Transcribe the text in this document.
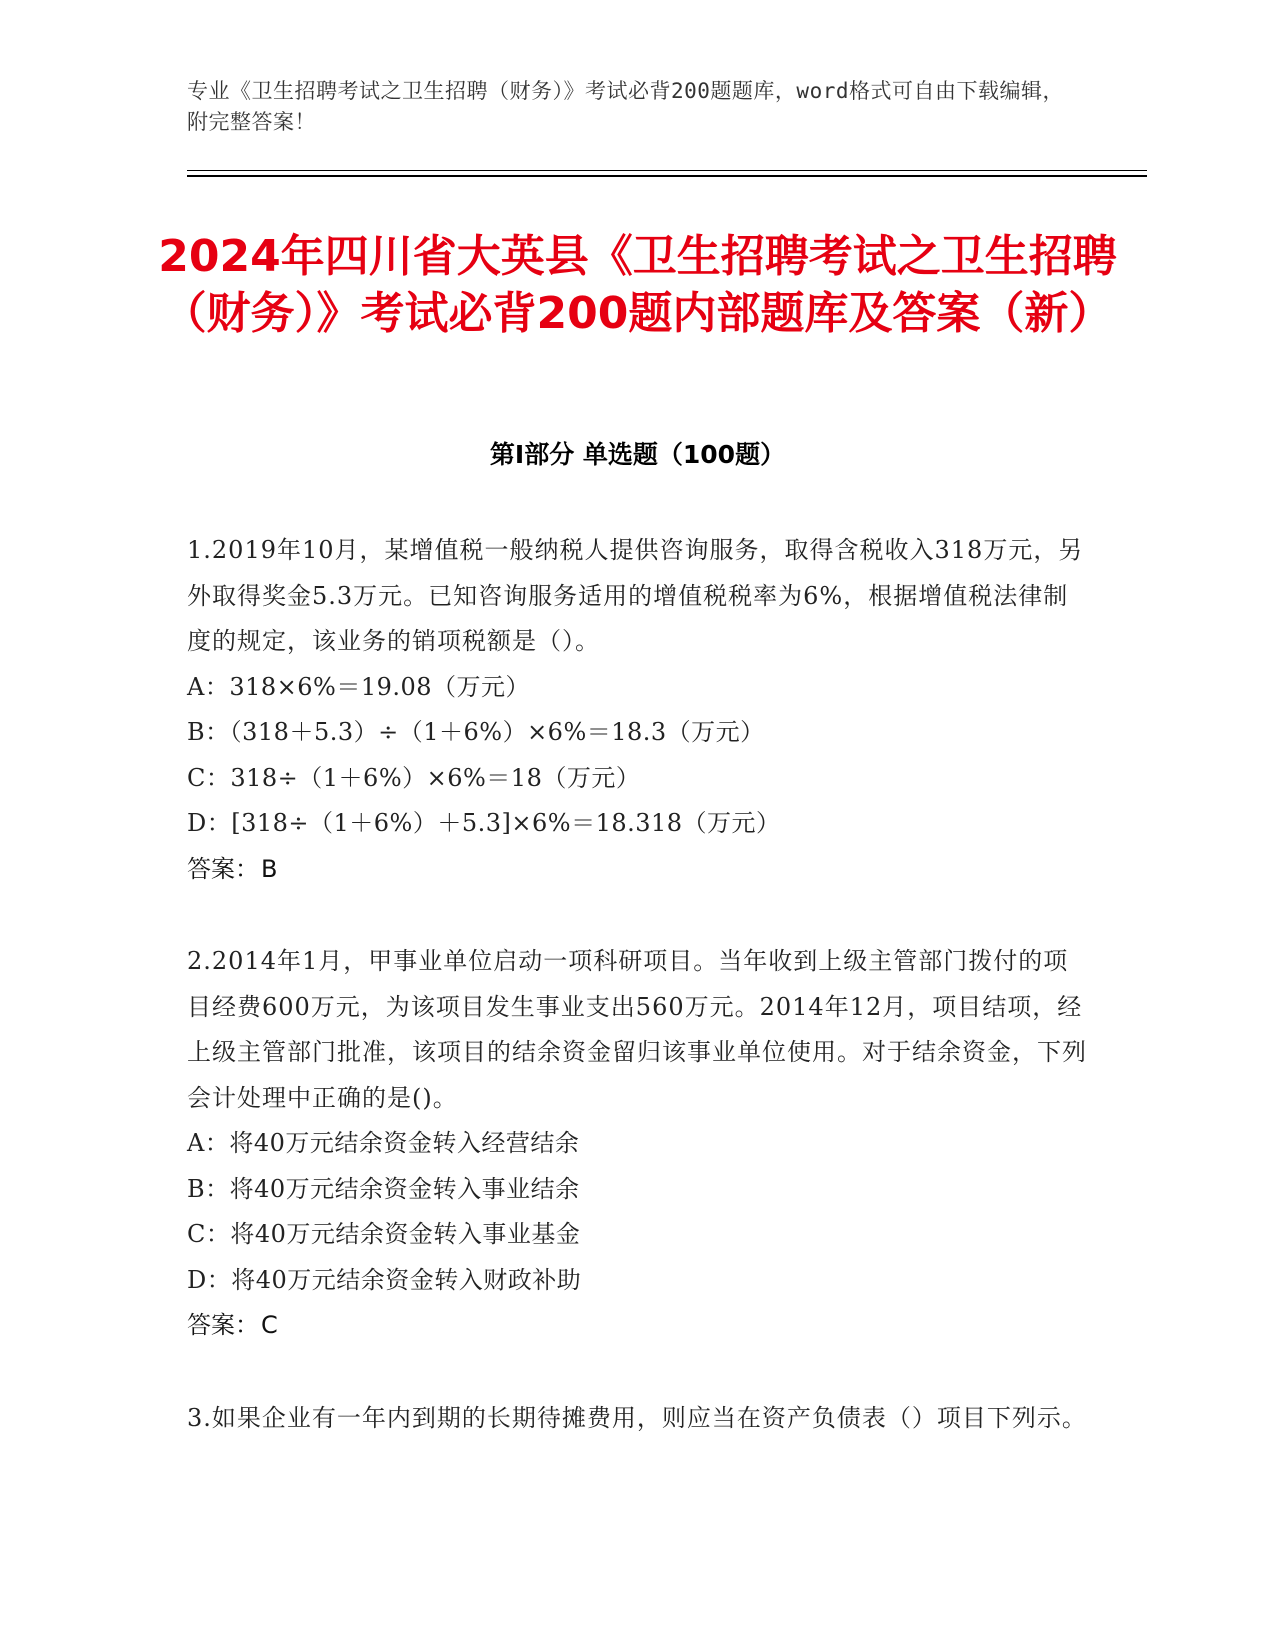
专业《卫生招聘考试之卫生招聘（财务）》考试必背200题题库，word格式可自由下载编辑，附完整答案！
2024年四川省大英县《卫生招聘考试之卫生招聘（财务）》考试必背200题内部题库及答案（新）
第I部分 单选题（100题）
1.2019年10月，某增值税一般纳税人提供咨询服务，取得含税收入318万元，另外取得奖金5.3万元。已知咨询服务适用的增值税税率为6%，根据增值税法律制度的规定，该业务的销项税额是（）。
A：318×6%＝19.08（万元）
B：（318＋5.3）÷（1＋6%）×6%＝18.3（万元）
C：318÷（1＋6%）×6%＝18（万元）
D：[318÷（1＋6%）＋5.3]×6%＝18.318（万元）
答案：B
2.2014年1月，甲事业单位启动一项科研项目。当年收到上级主管部门拨付的项目经费600万元，为该项目发生事业支出560万元。2014年12月，项目结项，经上级主管部门批准，该项目的结余资金留归该事业单位使用。对于结余资金，下列会计处理中正确的是()。
A：将40万元结余资金转入经营结余
B：将40万元结余资金转入事业结余
C：将40万元结余资金转入事业基金
D：将40万元结余资金转入财政补助
答案：C
3.如果企业有一年内到期的长期待摊费用，则应当在资产负债表（）项目下列示。
